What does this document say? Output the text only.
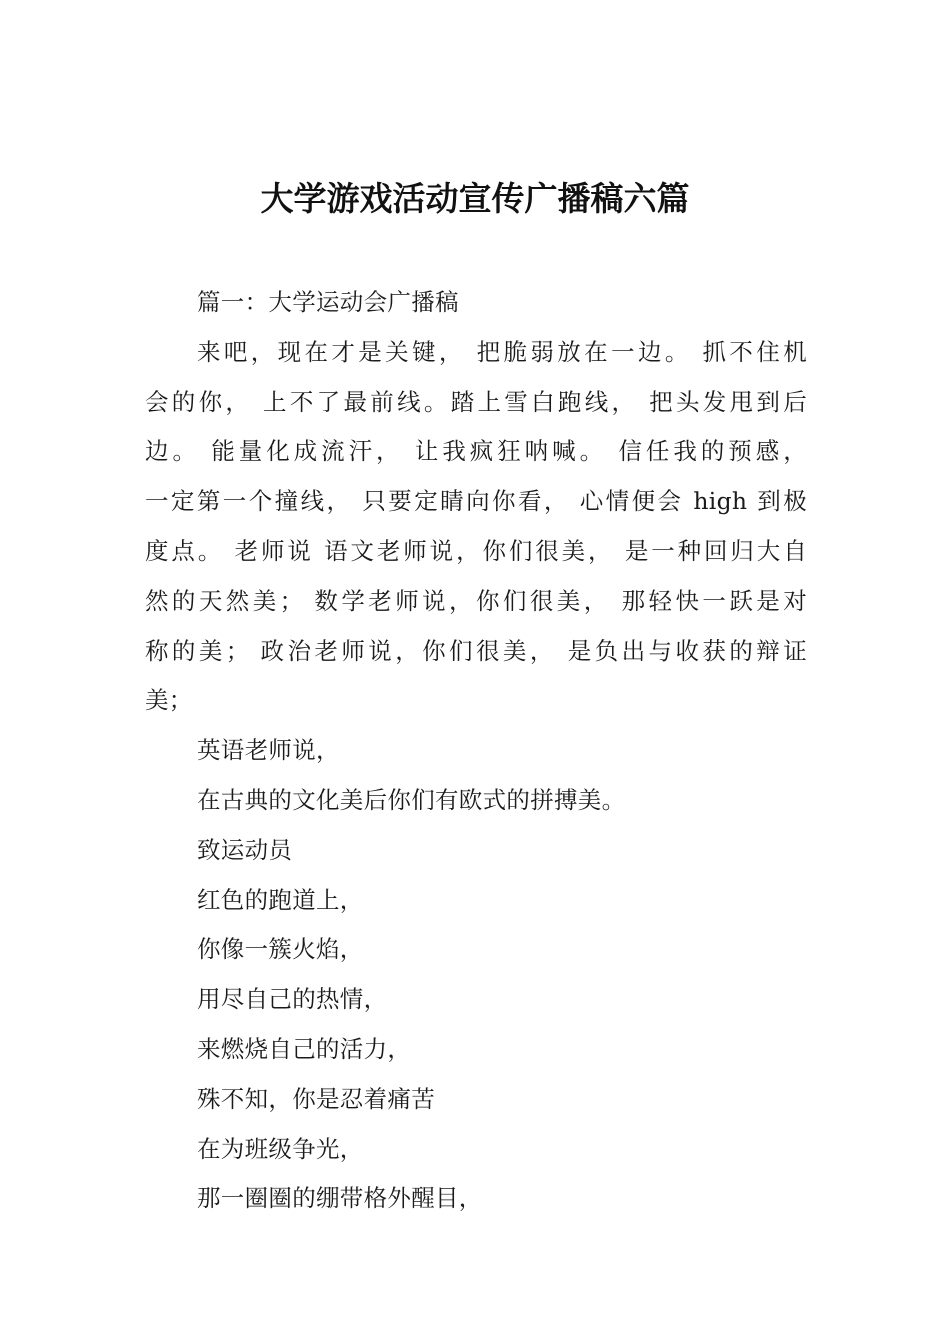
大学游戏活动宣传广播稿六篇

篇一：大学运动会广播稿

来吧，现在才是关键， 把脆弱放在一边。 抓不住机
会的你， 上不了最前线。踏上雪白跑线， 把头发甩到后
边。 能量化成流汗， 让我疯狂呐喊。 信任我的预感，
一定第一个撞线， 只要定睛向你看， 心情便会 high 到极
度点。 老师说 语文老师说，你们很美， 是一种回归大自
然的天然美； 数学老师说，你们很美， 那轻快一跃是对
称的美； 政治老师说，你们很美， 是负出与收获的辩证
美；

英语老师说，

在古典的文化美后你们有欧式的拼搏美。

致运动员

红色的跑道上，

你像一簇火焰，

用尽自己的热情，

来燃烧自己的活力，

殊不知，你是忍着痛苦

在为班级争光，

那一圈圈的绷带格外醒目，
